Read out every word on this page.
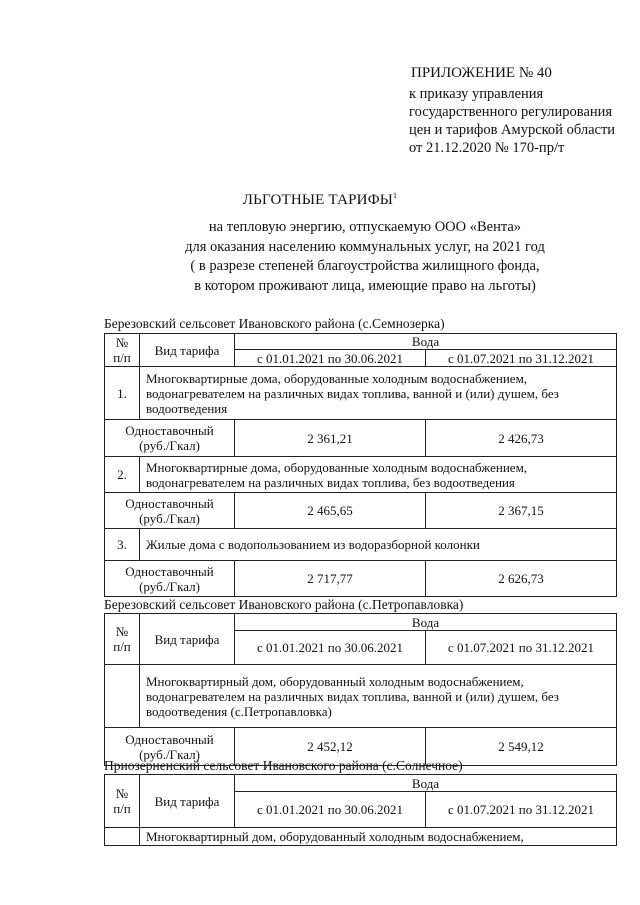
ПРИЛОЖЕНИЕ № 40
к приказу управления
государственного регулирования
цен и тарифов Амурской области
от 21.12.2020 № 170-пр/т
ЛЬГОТНЫЕ ТАРИФЫ$^1$
на тепловую энергию, отпускаемую ООО «Вента»
для оказания населению коммунальных услуг, на 2021 год
( в разрезе степеней благоустройства жилищного фонда,
в котором проживают лица, имеющие право на льготы)
Березовский сельсовет Ивановского района (с.Семнозерка)
№ п/п	Вид тарифа	Вода	
		с 01.01.2021 по 30.06.2021	с 01.07.2021 по 31.12.2021
1.	Многоквартирные дома, оборудованные холодным водоснабжением, водонагревателем на различных видах топлива, ванной и (или) душем, без водоотведения		
Одноставочный (руб./Гкал)		2 361,21	2 426,73
2.	Многоквартирные дома, оборудованные холодным водоснабжением, водонагревателем на различных видах топлива, без водоотведения		
Одноставочный (руб./Гкал)		2 465,65	2 367,15
3.	Жилые дома с водопользованием из водоразборной колонки		
Одноставочный (руб./Гкал)		2 717,77	2 626,73
Березовский сельсовет Ивановского района (с.Петропавловка)
№ п/п	Вид тарифа	Вода	
		с 01.01.2021 по 30.06.2021	с 01.07.2021 по 31.12.2021
	Многоквартирный дом, оборудованный холодным водоснабжением, водонагревателем на различных видах топлива, ванной и (или) душем, без водоотведения (с.Петропавловка)		
Одноставочный (руб./Гкал)		2 452,12	2 549,12
Приозерненский сельсовет Ивановского района (с.Солнечное)
№ п/п	Вид тарифа	Вода	
		с 01.01.2021 по 30.06.2021	с 01.07.2021 по 31.12.2021
	Многоквартирный дом, оборудованный холодным водоснабжением,		
